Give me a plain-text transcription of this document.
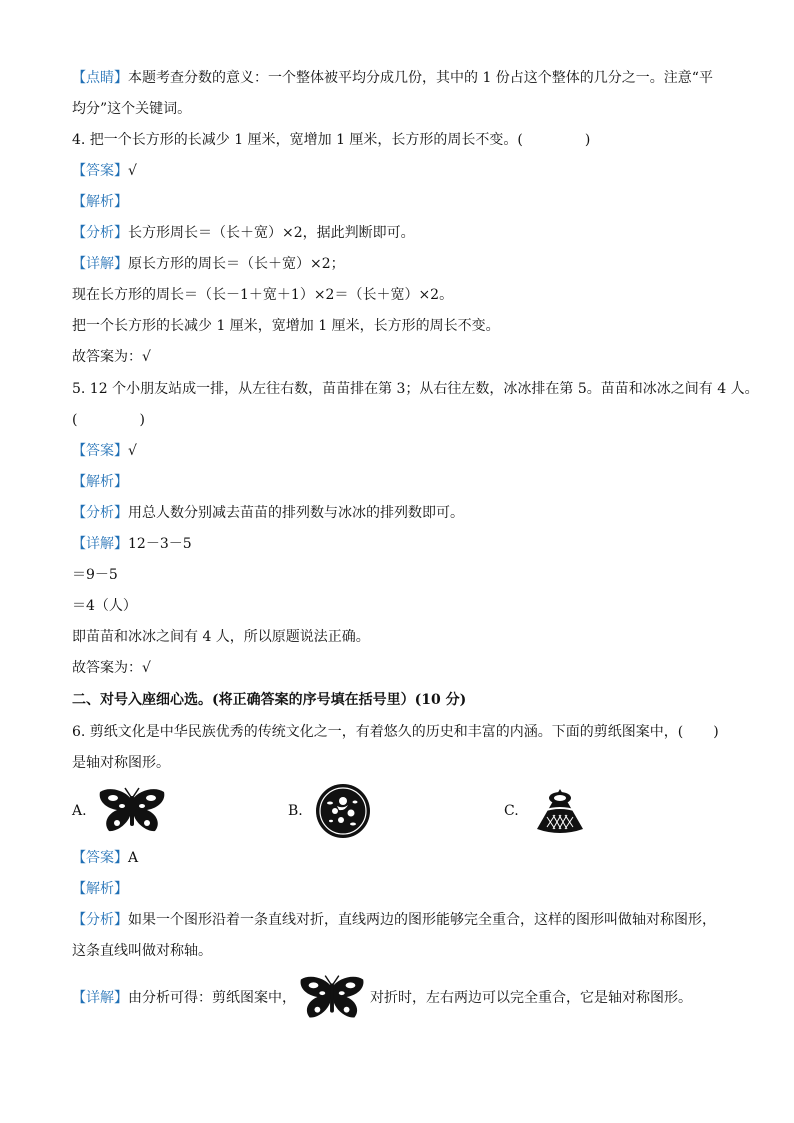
【点睛】本题考查分数的意义：一个整体被平均分成几份，其中的 1 份占这个整体的几分之一。注意“平
均分”这个关键词。
4. 把一个长方形的长减少 1 厘米，宽增加 1 厘米，长方形的周长不变。(	)
【答案】√
【解析】
【分析】长方形周长＝（长＋宽）×2，据此判断即可。
【详解】原长方形的周长＝（长＋宽）×2；
现在长方形的周长＝（长－1＋宽＋1）×2＝（长＋宽）×2。
把一个长方形的长减少 1 厘米，宽增加 1 厘米，长方形的周长不变。
故答案为：√
5. 12 个小朋友站成一排，从左往右数，苗苗排在第 3；从右往左数，冰冰排在第 5。苗苗和冰冰之间有 4 人。
(	)
【答案】√
【解析】
【分析】用总人数分别减去苗苗的排列数与冰冰的排列数即可。
【详解】12－3－5
＝9－5
＝4（人）
即苗苗和冰冰之间有 4 人，所以原题说法正确。
故答案为：√
二、对号入座细心选。(将正确答案的序号填在括号里）(10 分)
6. 剪纸文化是中华民族优秀的传统文化之一，有着悠久的历史和丰富的内涵。下面的剪纸图案中，( )
是轴对称图形。
A.	B.	C.
【答案】A
【解析】
【分析】如果一个图形沿着一条直线对折，直线两边的图形能够完全重合，这样的图形叫做轴对称图形，
这条直线叫做对称轴。
【详解】由分析可得：剪纸图案中，	对折时，左右两边可以完全重合，它是轴对称图形。
